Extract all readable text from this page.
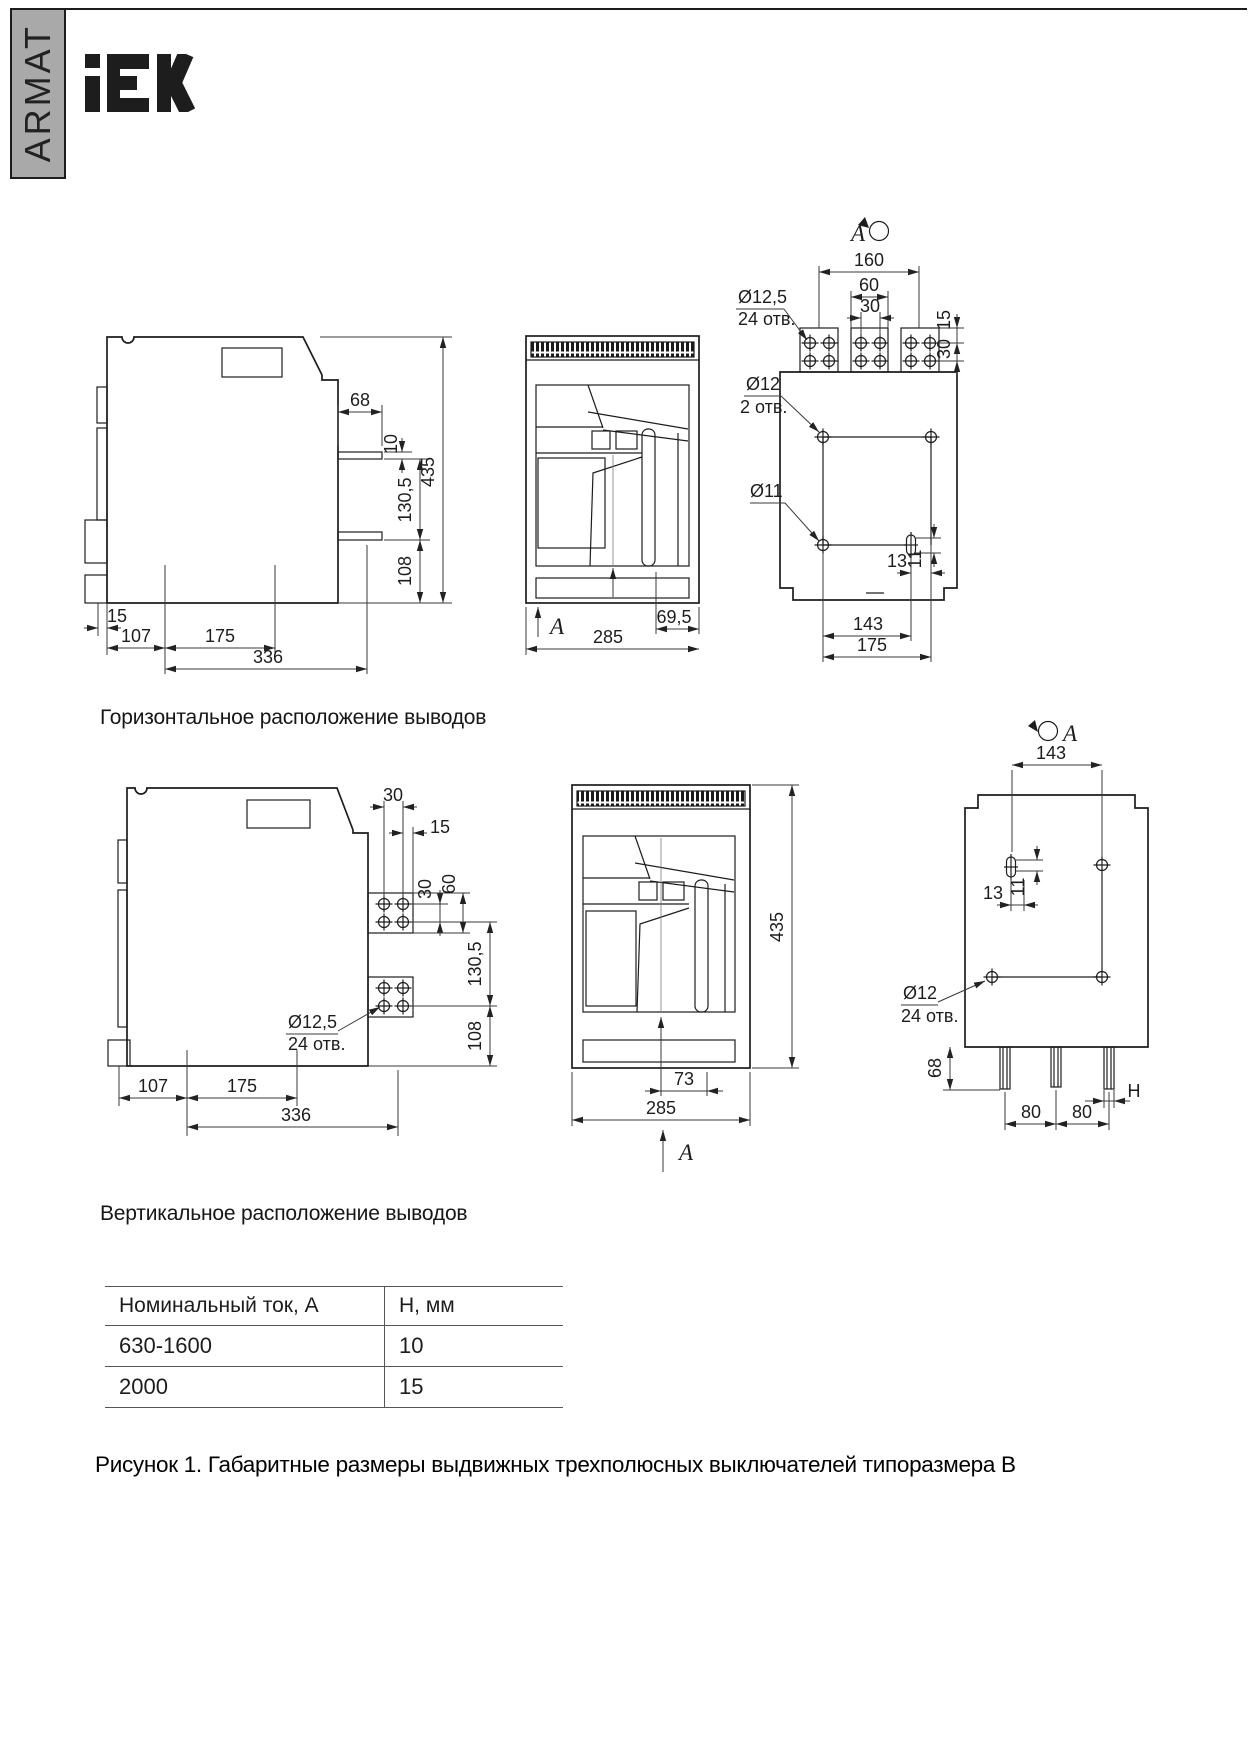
ARMAT
68
10
130,5
108
435
15
107	175
336
69,5
285
A
A
160
60
30
15
30
Ø12,5
24 отв.
Ø12
2 отв.
Ø11
13
11
143
175
30
15
30 60
130,5
108
Ø12,5
24 отв.
107	175
336
73
285
A
435
A
143
11
13
Ø12
24 отв.
68
80 80
H
Горизонтальное расположение выводов
Вертикальное расположение выводов
Номинальный ток, А	Н, мм
630-1600	10
2000	15
Рисунок 1. Габаритные размеры выдвижных трехполюсных выключателей типоразмера В
